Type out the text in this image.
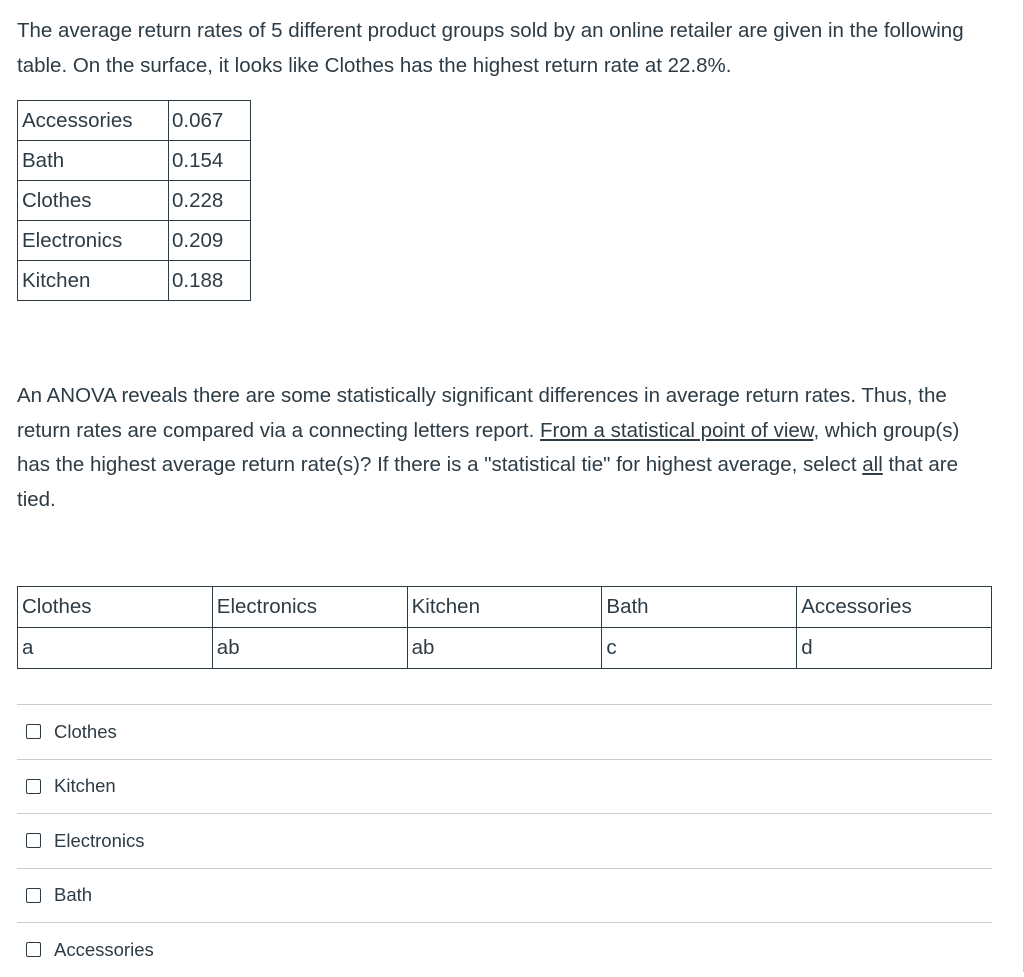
The average return rates of 5 different product groups sold by an online retailer are given in the following table. On the surface, it looks like Clothes has the highest return rate at 22.8%.

Accessories	0.067
Bath	0.154
Clothes	0.228
Electronics	0.209
Kitchen	0.188

An ANOVA reveals there are some statistically significant differences in average return rates. Thus, the return rates are compared via a connecting letters report. From a statistical point of view, which group(s) has the highest average return rate(s)? If there is a "statistical tie" for highest average, select all that are tied.

Clothes	Electronics	Kitchen	Bath	Accessories
a	ab	ab	c	d
Clothes
Kitchen
Electronics
Bath
Accessories
